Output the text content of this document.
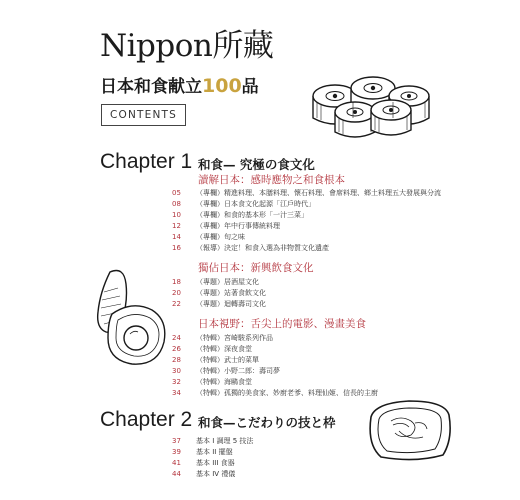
Nippon所藏
日本和食献立100品
CONTENTS
Chapter 1 和食— 究極の食文化
讀解日本：感時應物之和食根本
05	（專欄）精進料理、本膳料理、懷石料理、會席料理、鄉土料理五大發展與分流
08	（專欄）日本食文化起源「江戶時代」
10	（專欄）和食的基本形「一汁三菜」
12	（專欄）年中行事傳統料理
14	（專欄）旬之味
16	（報導）決定！和食入選為非物質文化遺產
獨佔日本：新興飲食文化
18	（專題）居酒屋文化
20	（專題）站著食飲文化
22	（專題）迴轉壽司文化
日本視野：舌尖上的電影、漫畫美食
24	（特輯）宮崎駿系列作品
26	（特輯）深夜食堂
28	（特輯）武士的菜單
30	（特輯）小野二郎：壽司夢
32	（特輯）海鷗食堂
34	（特輯）孤獨的美食家、妙廚老爹、料理仙姬、信長的主廚
Chapter 2 和食—こだわりの技と枠
37	基本 I 調理 5 技法
39	基本 II 擺盤
41	基本 III 食器
44	基本 IV 禮儀
